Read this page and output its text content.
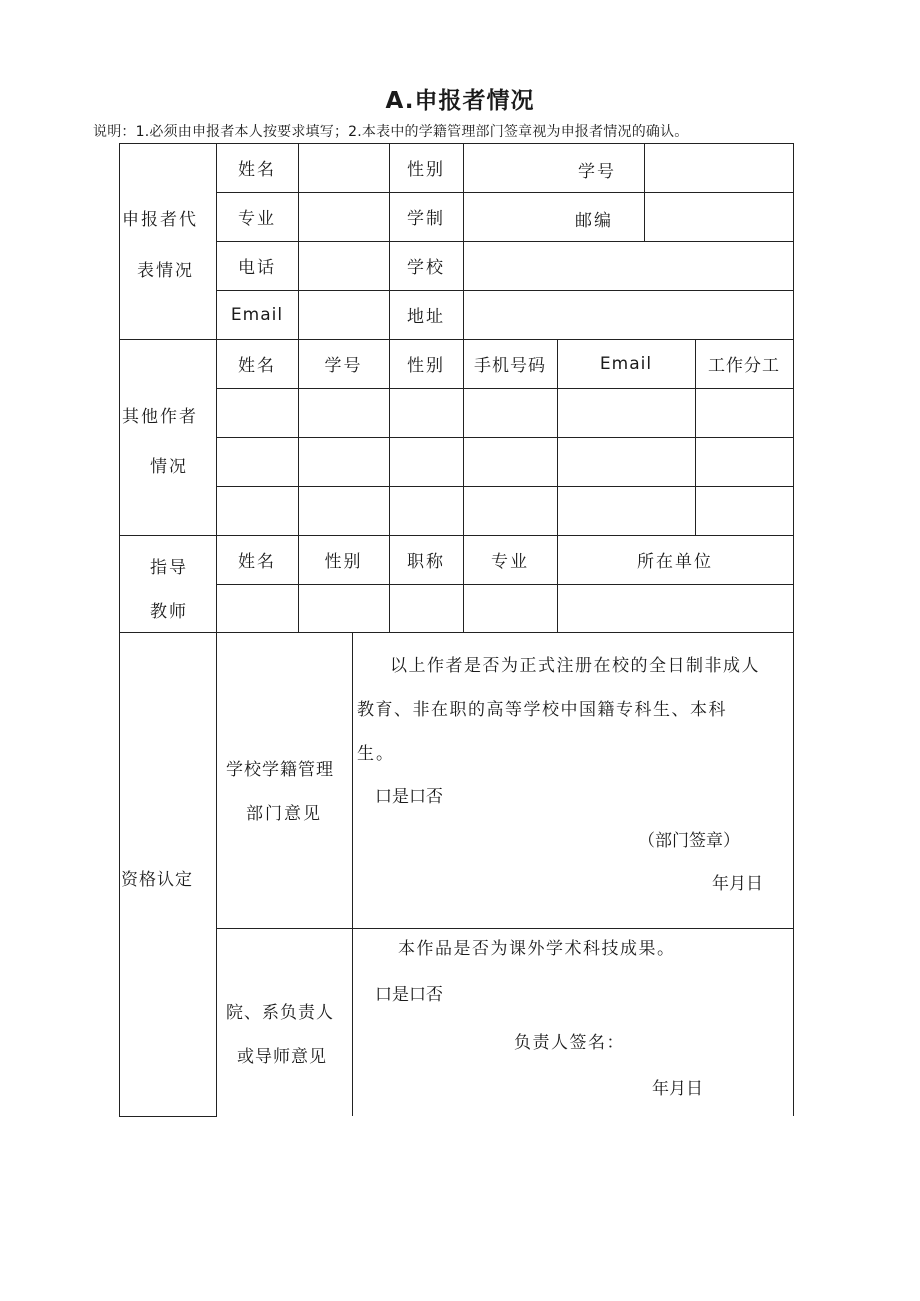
A.申报者情况
说明：1.必须由申报者本人按要求填写；2.本表中的学籍管理部门签章视为申报者情况的确认。
申报者代
表情况
姓名	性别	学号
专业	学制	邮编
电话	学校
Email	地址
其他作者
情况
姓名	学号	性别	手机号码	Email	工作分工
指导
教师
姓名	性别	职称	专业	所在单位
资格认定
学校学籍管理
部门意见
以上作者是否为正式注册在校的全日制非成人
教育、非在职的高等学校中国籍专科生、本科
生。
口是口否
（部门签章）
年月日
院、系负责人
或导师意见
本作品是否为课外学术科技成果。
口是口否
负责人签名：
年月日
